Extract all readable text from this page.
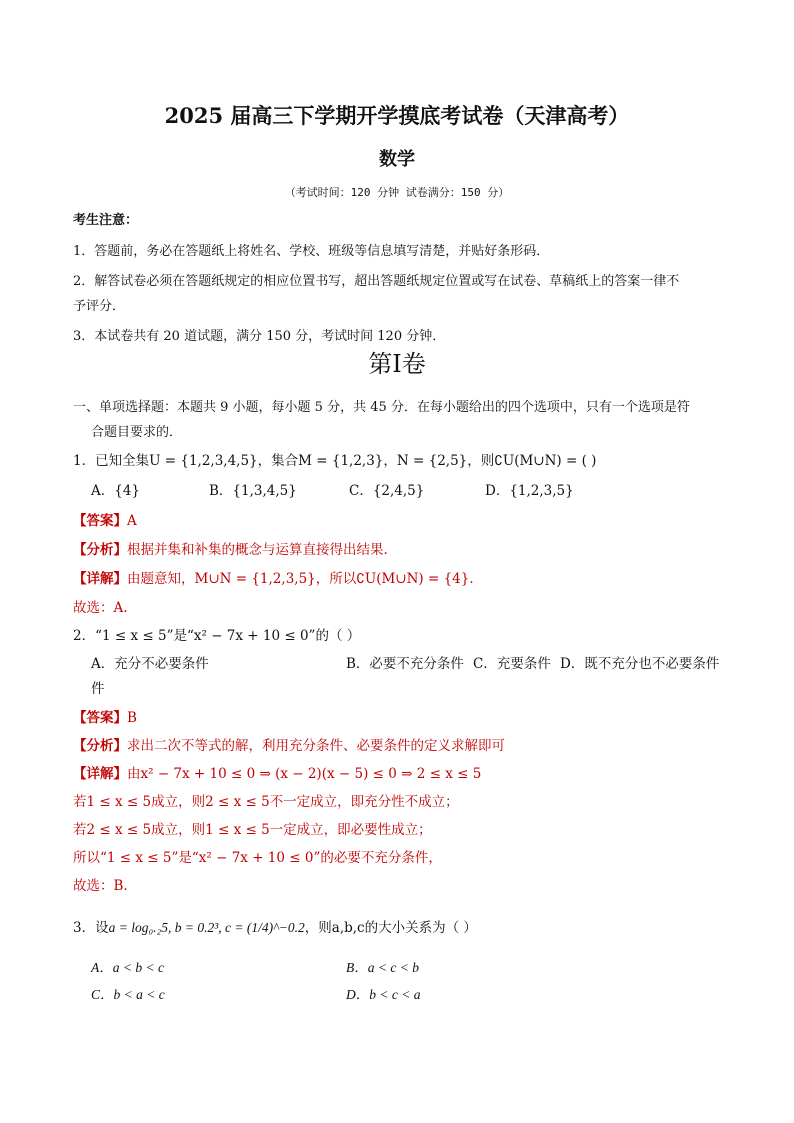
2025 届高三下学期开学摸底考试卷（天津高考）
数学
（考试时间：120 分钟 试卷满分：150 分）
考生注意：
1．答题前，务必在答题纸上将姓名、学校、班级等信息填写清楚，并贴好条形码．
2．解答试卷必须在答题纸规定的相应位置书写，超出答题纸规定位置或写在试卷、草稿纸上的答案一律不
予评分．
3．本试卷共有 20 道试题，满分 150 分，考试时间 120 分钟．
第Ⅰ卷
一、单项选择题：本题共 9 小题，每小题 5 分，共 45 分．在每小题给出的四个选项中，只有一个选项是符
合题目要求的．
1．已知全集U = {1,2,3,4,5}，集合M = {1,2,3}，N = {2,5}，则∁U(M∪N) = ( )
A．{4}	B．{1,3,4,5}	C．{2,4,5}	D．{1,2,3,5}
【答案】A
【分析】根据并集和补集的概念与运算直接得出结果.
【详解】由题意知，M∪N = {1,2,3,5}，所以∁U(M∪N) = {4}．
故选：A.
2．“1 ≤ x ≤ 5”是“x² − 7x + 10 ≤ 0”的（ ）
A．充分不必要条件	B．必要不充分条件 C．充要条件 D．既不充分也不必要条件
件
【答案】B
【分析】求出二次不等式的解，利用充分条件、必要条件的定义求解即可
【详解】由x² − 7x + 10 ≤ 0 ⇒ (x − 2)(x − 5) ≤ 0 ⇒ 2 ≤ x ≤ 5
若1 ≤ x ≤ 5成立，则2 ≤ x ≤ 5不一定成立，即充分性不成立；
若2 ≤ x ≤ 5成立，则1 ≤ x ≤ 5一定成立，即必要性成立；
所以“1 ≤ x ≤ 5”是“x² − 7x + 10 ≤ 0”的必要不充分条件，
故选：B.
3．设a = log₀.₂5, b = 0.2³, c = (1/4)^−0.2，则a,b,c的大小关系为（ ）
A．a < b < c	B．a < c < b
C．b < a < c	D．b < c < a
